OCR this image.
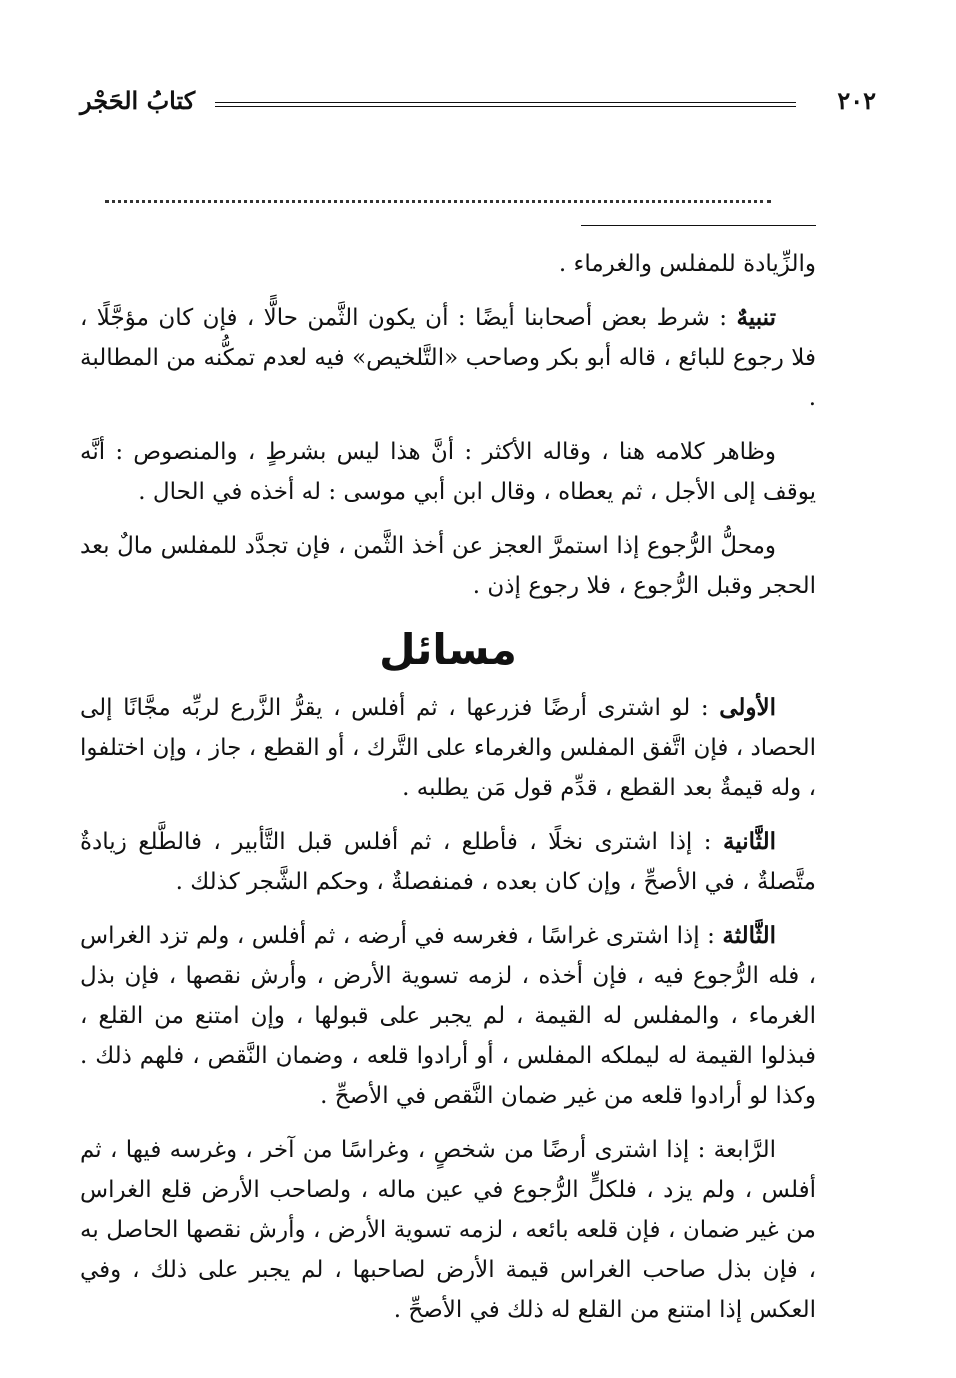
٢٠٢
كتابُ الحَجْر

والزِّيادة للمفلس والغرماء .

تنبيهٌ : شرط بعض أصحابنا أيضًا : أن يكون الثَّمن حالًّا ، فإن كان مؤجَّلًا ، فلا رجوع للبائع ، قاله أبو بكر وصاحب «التَّلخيص» فيه لعدم تمكُّنه من المطالبة .

وظاهر كلامه هنا ، وقاله الأكثر : أنَّ هذا ليس بشرطٍ ، والمنصوص : أنَّه يوقف إلى الأجل ، ثم يعطاه ، وقال ابن أبي موسى : له أخذه في الحال .

ومحلُّ الرُّجوع إذا استمرَّ العجز عن أخذ الثَّمن ، فإن تجدَّد للمفلس مالٌ بعد الحجر وقبل الرُّجوع ، فلا رجوع إذن .

مسائل

الأولى : لو اشترى أرضًا فزرعها ، ثم أفلس ، يقرُّ الزَّرع لربِّه مجَّانًا إلى الحصاد ، فإن اتَّفق المفلس والغرماء على التَّرك ، أو القطع ، جاز ، وإن اختلفوا ، وله قيمةٌ بعد القطع ، قدِّم قول مَن يطلبه .

الثَّانية : إذا اشترى نخلًا ، فأطلع ، ثم أفلس قبل التَّأبير ، فالطَّلع زيادةٌ متَّصلةٌ ، في الأصحِّ ، وإن كان بعده ، فمنفصلةٌ ، وحكم الشَّجر كذلك .

الثَّالثة : إذا اشترى غراسًا ، فغرسه في أرضه ، ثم أفلس ، ولم تزد الغراس ، فله الرُّجوع فيه ، فإن أخذه ، لزمه تسوية الأرض ، وأرش نقصها ، فإن بذل الغرماء ، والمفلس له القيمة ، لم يجبر على قبولها ، وإن امتنع من القلع ، فبذلوا القيمة له ليملكه المفلس ، أو أرادوا قلعه ، وضمان النَّقص ، فلهم ذلك . وكذا لو أرادوا قلعه من غير ضمان النَّقص في الأصحِّ .

الرَّابعة : إذا اشترى أرضًا من شخصٍ ، وغراسًا من آخر ، وغرسه فيها ، ثم أفلس ، ولم يزد ، فلكلٍّ الرُّجوع في عين ماله ، ولصاحب الأرض قلع الغراس من غير ضمان ، فإن قلعه بائعه ، لزمه تسوية الأرض ، وأرش نقصها الحاصل به ، فإن بذل صاحب الغراس قيمة الأرض لصاحبها ، لم يجبر على ذلك ، وفي العكس إذا امتنع من القلع له ذلك في الأصحِّ .
